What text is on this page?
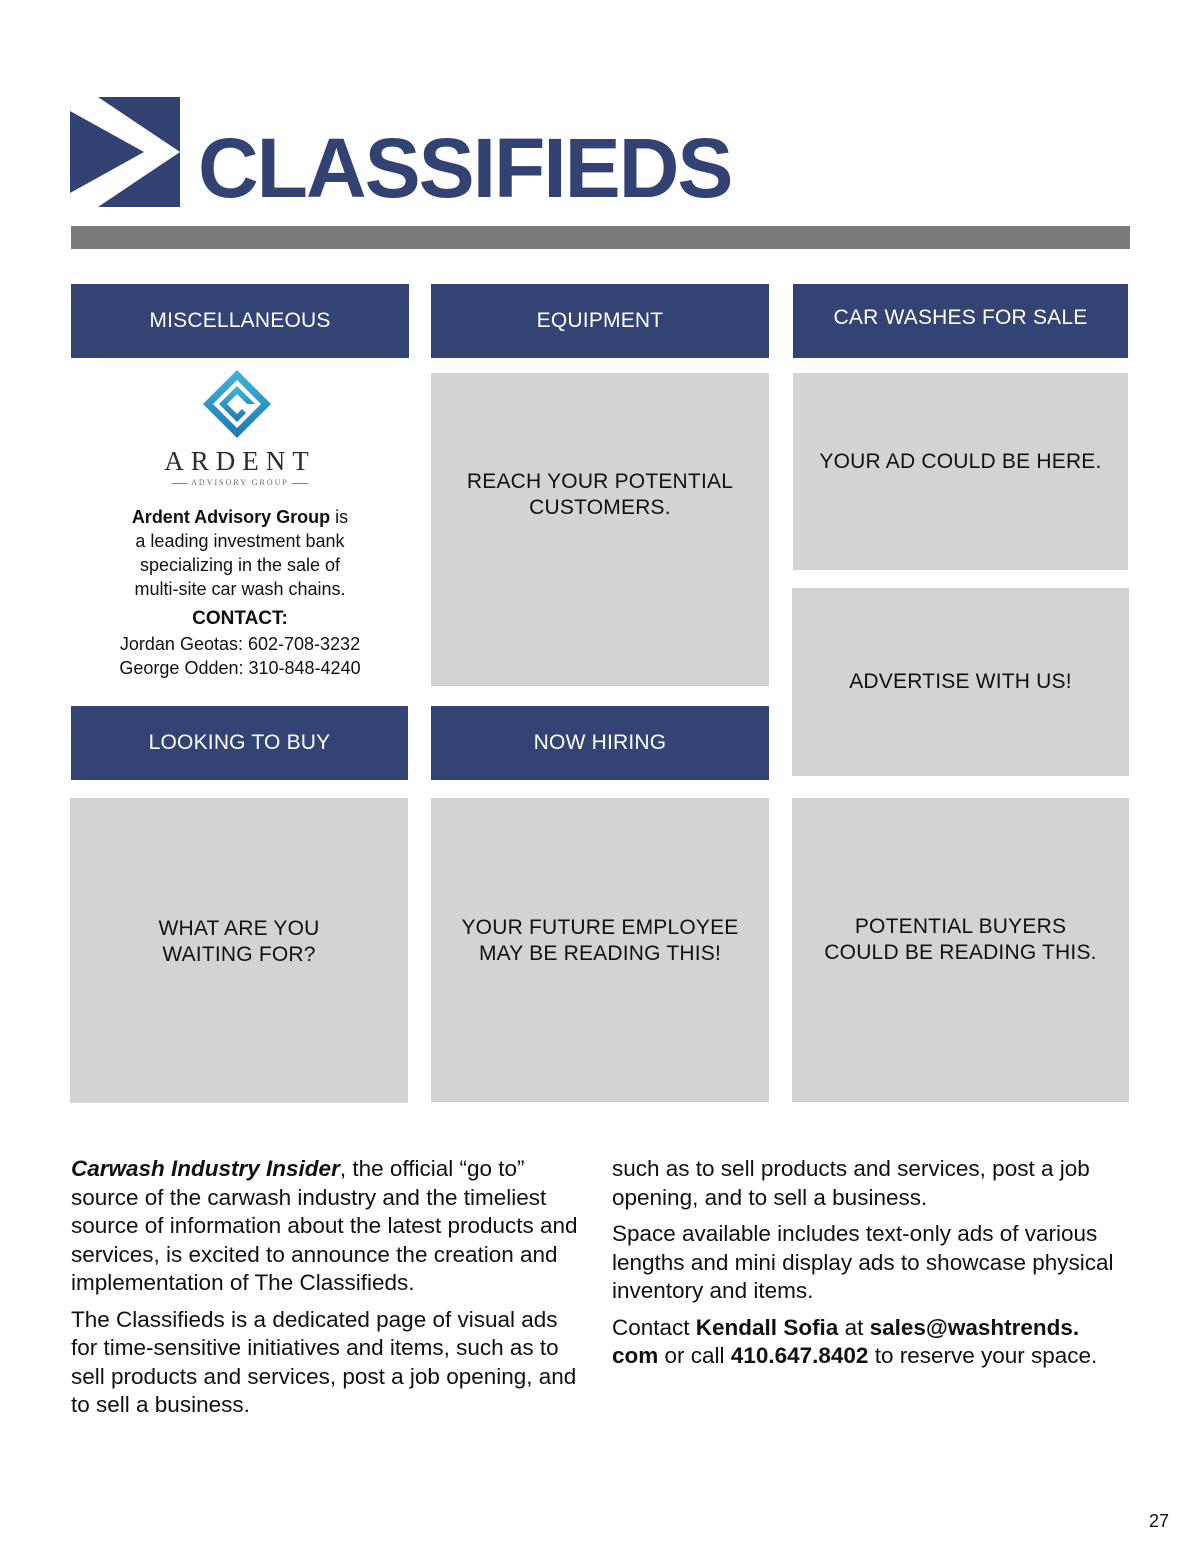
CLASSIFIEDS
MISCELLANEOUS	EQUIPMENT	CAR WASHES FOR SALE
LOOKING TO BUY	NOW HIRING
ARDENT
ADVISORY GROUP
Ardent Advisory Group is
a leading investment bank
specializing in the sale of
multi-site car wash chains.
CONTACT:
Jordan Geotas: 602-708-3232
George Odden: 310-848-4240
REACH YOUR POTENTIAL
CUSTOMERS.
YOUR AD COULD BE HERE.
ADVERTISE WITH US!
WHAT ARE YOU
WAITING FOR?
YOUR FUTURE EMPLOYEE
MAY BE READING THIS!
POTENTIAL BUYERS
COULD BE READING THIS.

Carwash Industry Insider, the official “go to” source of the carwash industry and the timeliest source of information about the latest products and services, is excited to announce the creation and implementation of The Classifieds.

The Classifieds is a dedicated page of visual ads for time-sensitive initiatives and items, such as to sell products and services, post a job opening, and to sell a business.

such as to sell products and services, post a job opening, and to sell a business.

Space available includes text-only ads of various lengths and mini display ads to showcase physical inventory and items.

Contact Kendall Sofia at sales@washtrends.
com or call 410.647.8402 to reserve your space.

27
